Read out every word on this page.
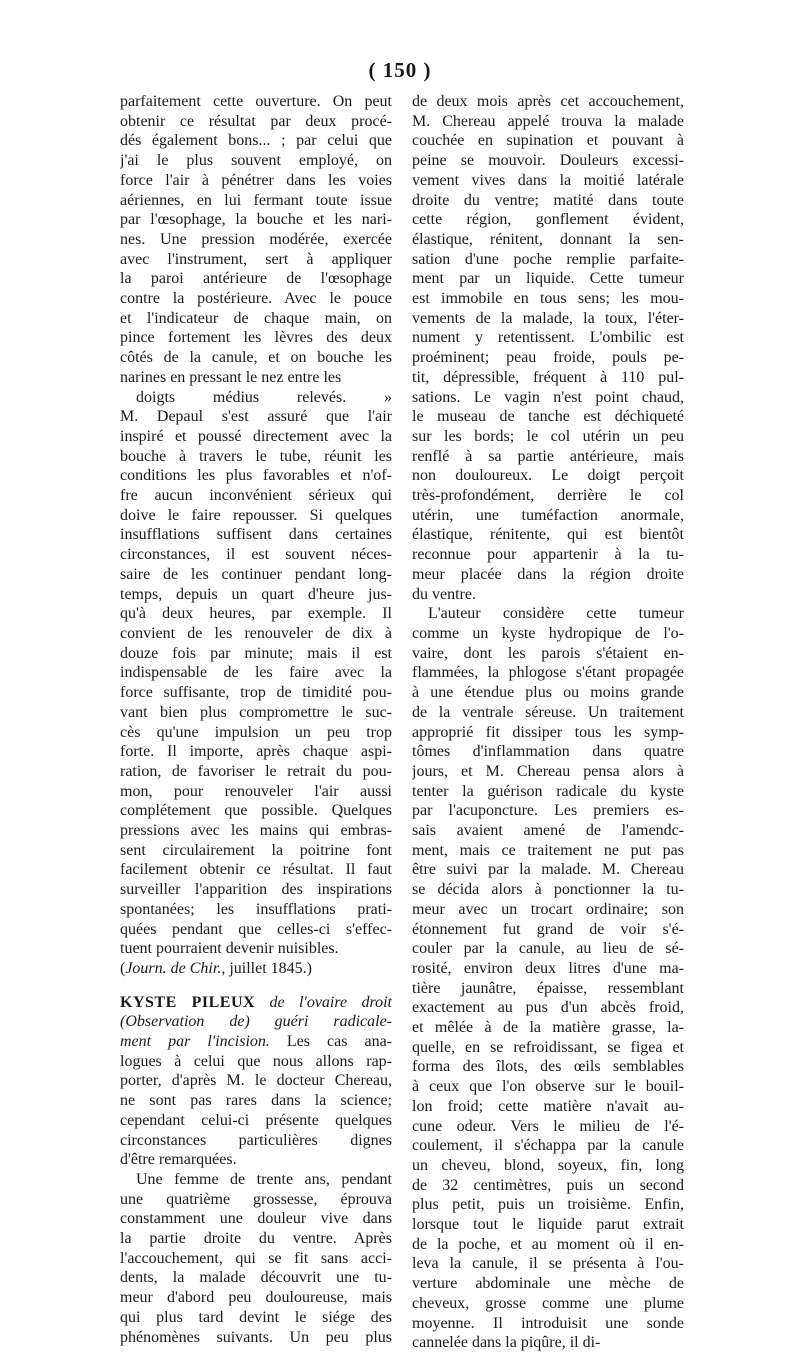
( 150 )
parfaitement cette ouverture. On peut
obtenir ce résultat par deux procé-
dés également bons... ; par celui que
j'ai le plus souvent employé, on
force l'air à pénétrer dans les voies
aériennes, en lui fermant toute issue
par l'œsophage, la bouche et les nari-
nes. Une pression modérée, exercée
avec l'instrument, sert à appliquer
la paroi antérieure de l'œsophage
contre la postérieure. Avec le pouce
et l'indicateur de chaque main, on
pince fortement les lèvres des deux
côtés de la canule, et on bouche les
narines en pressant le nez entre les
doigts médius relevés. »
M. Depaul s'est assuré que l'air
inspiré et poussé directement avec la
bouche à travers le tube, réunit les
conditions les plus favorables et n'of-
fre aucun inconvénient sérieux qui
doive le faire repousser. Si quelques
insufflations suffisent dans certaines
circonstances, il est souvent néces-
saire de les continuer pendant long-
temps, depuis un quart d'heure jus-
qu'à deux heures, par exemple. Il
convient de les renouveler de dix à
douze fois par minute; mais il est
indispensable de les faire avec la
force suffisante, trop de timidité pou-
vant bien plus compromettre le suc-
cès qu'une impulsion un peu trop
forte. Il importe, après chaque aspi-
ration, de favoriser le retrait du pou-
mon, pour renouveler l'air aussi
complétement que possible. Quelques
pressions avec les mains qui embras-
sent circulairement la poitrine font
facilement obtenir ce résultat. Il faut
surveiller l'apparition des inspirations
spontanées; les insufflations prati-
quées pendant que celles-ci s'effec-
tuent pourraient devenir nuisibles.
(Journ. de Chir., juillet 1845.)
KYSTE PILEUX de l'ovaire droit
(Observation de) guéri radicale-
ment par l'incision. Les cas ana-
logues à celui que nous allons rap-
porter, d'après M. le docteur Chereau,
ne sont pas rares dans la science;
cependant celui-ci présente quelques
circonstances particulières dignes
d'être remarquées.
Une femme de trente ans, pendant
une quatrième grossesse, éprouva
constamment une douleur vive dans
la partie droite du ventre. Après
l'accouchement, qui se fit sans acci-
dents, la malade découvrit une tu-
meur d'abord peu douloureuse, mais
qui plus tard devint le siége des
phénomènes suivants. Un peu plus
de deux mois après cet accouchement,
M. Chereau appelé trouva la malade
couchée en supination et pouvant à
peine se mouvoir. Douleurs excessi-
vement vives dans la moitié latérale
droite du ventre; matité dans toute
cette région, gonflement évident,
élastique, rénitent, donnant la sen-
sation d'une poche remplie parfaite-
ment par un liquide. Cette tumeur
est immobile en tous sens; les mou-
vements de la malade, la toux, l'éter-
nument y retentissent. L'ombilic est
proéminent; peau froide, pouls pe-
tit, dépressible, fréquent à 110 pul-
sations. Le vagin n'est point chaud,
le museau de tanche est déchiqueté
sur les bords; le col utérin un peu
renflé à sa partie antérieure, mais
non douloureux. Le doigt perçoit
très-profondément, derrière le col
utérin, une tuméfaction anormale,
élastique, rénitente, qui est bientôt
reconnue pour appartenir à la tu-
meur placée dans la région droite
du ventre.
L'auteur considère cette tumeur
comme un kyste hydropique de l'o-
vaire, dont les parois s'étaient en-
flammées, la phlogose s'étant propagée
à une étendue plus ou moins grande
de la ventrale séreuse. Un traitement
approprié fit dissiper tous les symp-
tômes d'inflammation dans quatre
jours, et M. Chereau pensa alors à
tenter la guérison radicale du kyste
par l'acuponcture. Les premiers es-
sais avaient amené de l'amendc-
ment, mais ce traitement ne put pas
être suivi par la malade. M. Chereau
se décida alors à ponctionner la tu-
meur avec un trocart ordinaire; son
étonnement fut grand de voir s'é-
couler par la canule, au lieu de sé-
rosité, environ deux litres d'une ma-
tière jaunâtre, épaisse, ressemblant
exactement au pus d'un abcès froid,
et mêlée à de la matière grasse, la-
quelle, en se refroidissant, se figea et
forma des îlots, des œils semblables
à ceux que l'on observe sur le bouil-
lon froid; cette matière n'avait au-
cune odeur. Vers le milieu de l'é-
coulement, il s'échappa par la canule
un cheveu, blond, soyeux, fin, long
de 32 centimètres, puis un second
plus petit, puis un troisième. Enfin,
lorsque tout le liquide parut extrait
de la poche, et au moment où il en-
leva la canule, il se présenta à l'ou-
verture abdominale une mèche de
cheveux, grosse comme une plume
moyenne. Il introduisit une sonde
cannelée dans la piqûre, il di-
